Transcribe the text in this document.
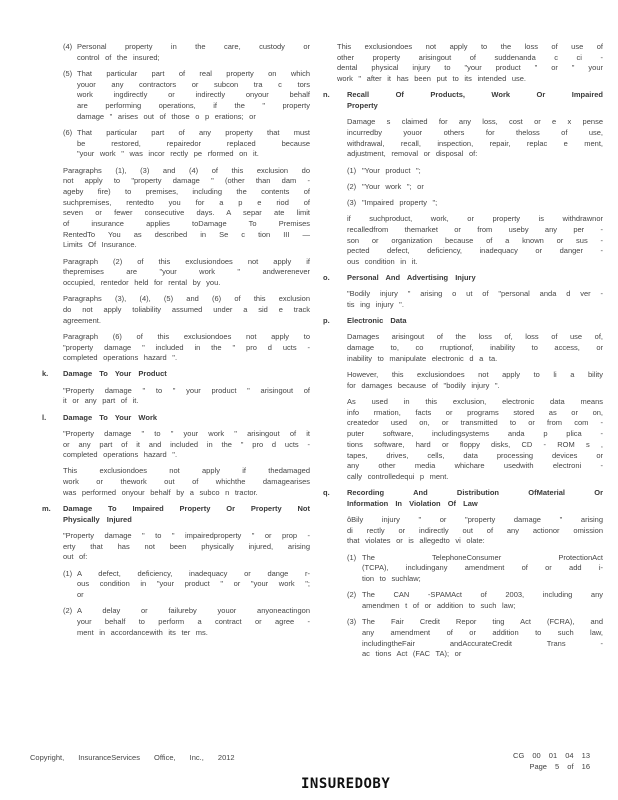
(4) Personal property in the care, custody or
control of the insured;
(5) That particular part of real property on which
youor any contractors or subcon tra c tors
work ingdirectly or indirectly onyour behalf
are performing operations, if the " property
damage " arises out of those o p erations; or
(6) That particular part of any property that must
be restored, repairedor replaced because
"your work " was incor rectly pe rformed on it.
Paragraphs (1), (3) and (4) of this exclusion do
not apply to "property damage " (other than dam -
ageby fire) to premises, including the contents of
suchpremises, rentedto you for a p e riod of
seven or fewer consecutive days. A separ ate limit
of insurance applies toDamage To Premises
RentedTo You as described in Se c tion III —
Limits Of Insurance.
Paragraph (2) of this exclusiondoes not apply if
thepremises are "your work " andwerenever
occupied, rentedor held for rental by you.
Paragraphs (3), (4), (5) and (6) of this exclusion
do not apply toliability assumed under a sid e track
agreement.
Paragraph (6) of this exclusiondoes not apply to
"property damage " included in the " pro d ucts -
completed operations hazard ".
k.	Damage To Your Product
"Property damage " to " your product " arisingout of
it or any part of it.
l.	Damage To Your Work
"Property damage " to " your work " arisingout of it
or any part of it and included in the " pro d ucts -
completed operations hazard ".
This exclusiondoes not apply if thedamaged
work or thework out of whichthe damagearises
was performed onyour behalf by a subco n tractor.
m.	Damage To Impaired Property Or Property Not
Physically Injured
"Property damage " to " impairedproperty " or prop -
erty that has not been physically injured, arising
out of:
(1) A defect, deficiency, inadequacy or dange r-
ous condition in "your product " or "your work ";
or
(2) A delay or failureby youor anyoneactingon
your behalf to perform a contract or agree -
ment in accordancewith its ter ms.
This exclusiondoes not apply to the loss of use of
other property arisingout of suddenanda c ci -
dental physical injury to "your product " or " your
work " after it has been put to its intended use.
n.	Recall Of Products, Work Or Impaired
Property
Damage s claimed for any loss, cost or e x pense
incurredby youor others for theloss of use,
withdrawal, recall, inspection, repair, replac e ment,
adjustment, removal or disposal of:
(1) "Your product ";
(2) "Your work "; or
(3) "Impaired property ";
if suchproduct, work, or property is withdrawnor
recalledfrom themarket or from useby any per -
son or organization because of a known or sus -
pected defect, deficiency, inadequacy or danger -
ous condition in it.
o.	Personal And Advertising Injury
"Bodily injury " arising o ut of "personal anda d ver -
tis ing injury ".
p.	Electronic Data
Damages arisingout of the loss of, loss of use of,
damage to, co rruptionof, inability to access, or
inability to manipulate electronic d a ta.
However, this exclusiondoes not apply to li a bility
for damages because of "bodily injury ".
As used in this exclusion, electronic data means
info rmation, facts or programs stored as or on,
createdor used on, or transmitted to or from com -
puter software, includingsystems anda p plica -
tions software, hard or floppy disks, CD - ROM s ,
tapes, drives, cells, data processing devices or
any other media whichare usedwith electroni -
cally controlledequi p ment.
q.	Recording And Distribution OfMaterial Or
Information In Violation Of Law
ôBily injury " or "property damage " arising
di rectly or indirectly out of any actionor omission
that violates or is allegedto vi olate:
(1) The TelephoneConsumer ProtectionAct
(TCPA), includingany amendment of or add i-
tion to suchlaw;
(2) The CAN -SPAMAct of 2003, including any
amendmen t of or addition to such law;
(3) The Fair Credit Repor ting Act (FCRA), and
any amendment of or addition to such law,
includingtheFair andAccurateCredit Trans -
ac tions Act (FAC TA); or
Copyright, InsuranceServices Office, Inc., 2012	CG 00 01 04 13
Page 5 of 16
INSUREDOBY
